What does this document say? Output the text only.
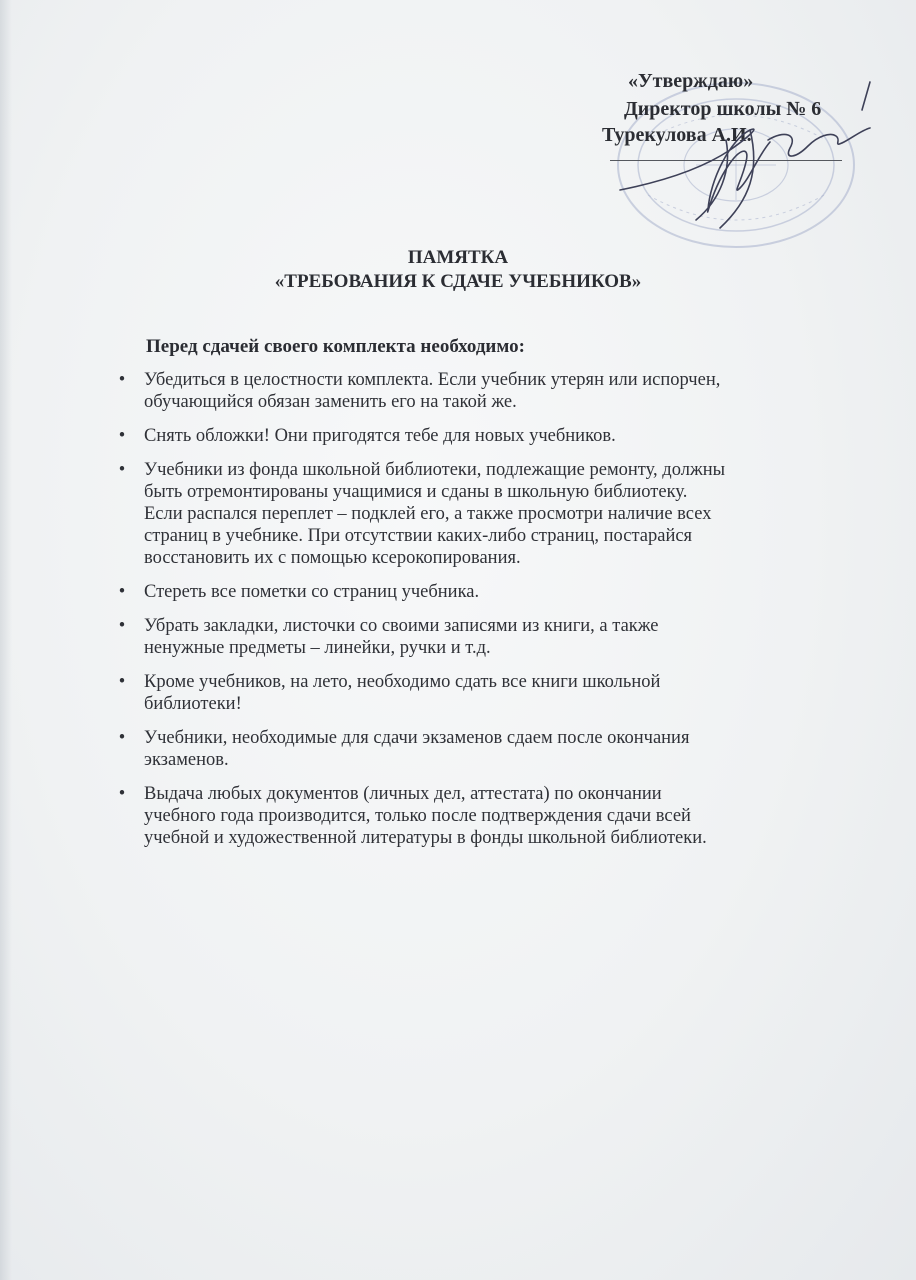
«Утверждаю»
Директор школы № 6
Турекулова А.И.
ПАМЯТКА
«ТРЕБОВАНИЯ К СДАЧЕ УЧЕБНИКОВ»
Перед сдачей своего комплекта необходимо:
• Убедиться в целостности комплекта. Если учебник утерян или испорчен,
обучающийся обязан заменить его на такой же.
• Снять обложки! Они пригодятся тебе для новых учебников.
• Учебники из фонда школьной библиотеки, подлежащие ремонту, должны
быть отремонтированы учащимися и сданы в школьную библиотеку.
Если распался переплет – подклей его, а также просмотри наличие всех
страниц в учебнике. При отсутствии каких-либо страниц, постарайся
восстановить их с помощью ксерокопирования.
• Стереть все пометки со страниц учебника.
• Убрать закладки, листочки со своими записями из книги, а также
ненужные предметы – линейки, ручки и т.д.
• Кроме учебников, на лето, необходимо сдать все книги школьной
библиотеки!
• Учебники, необходимые для сдачи экзаменов сдаем после окончания
экзаменов.
• Выдача любых документов (личных дел, аттестата) по окончании
учебного года производится, только после подтверждения сдачи всей
учебной и художественной литературы в фонды школьной библиотеки.
